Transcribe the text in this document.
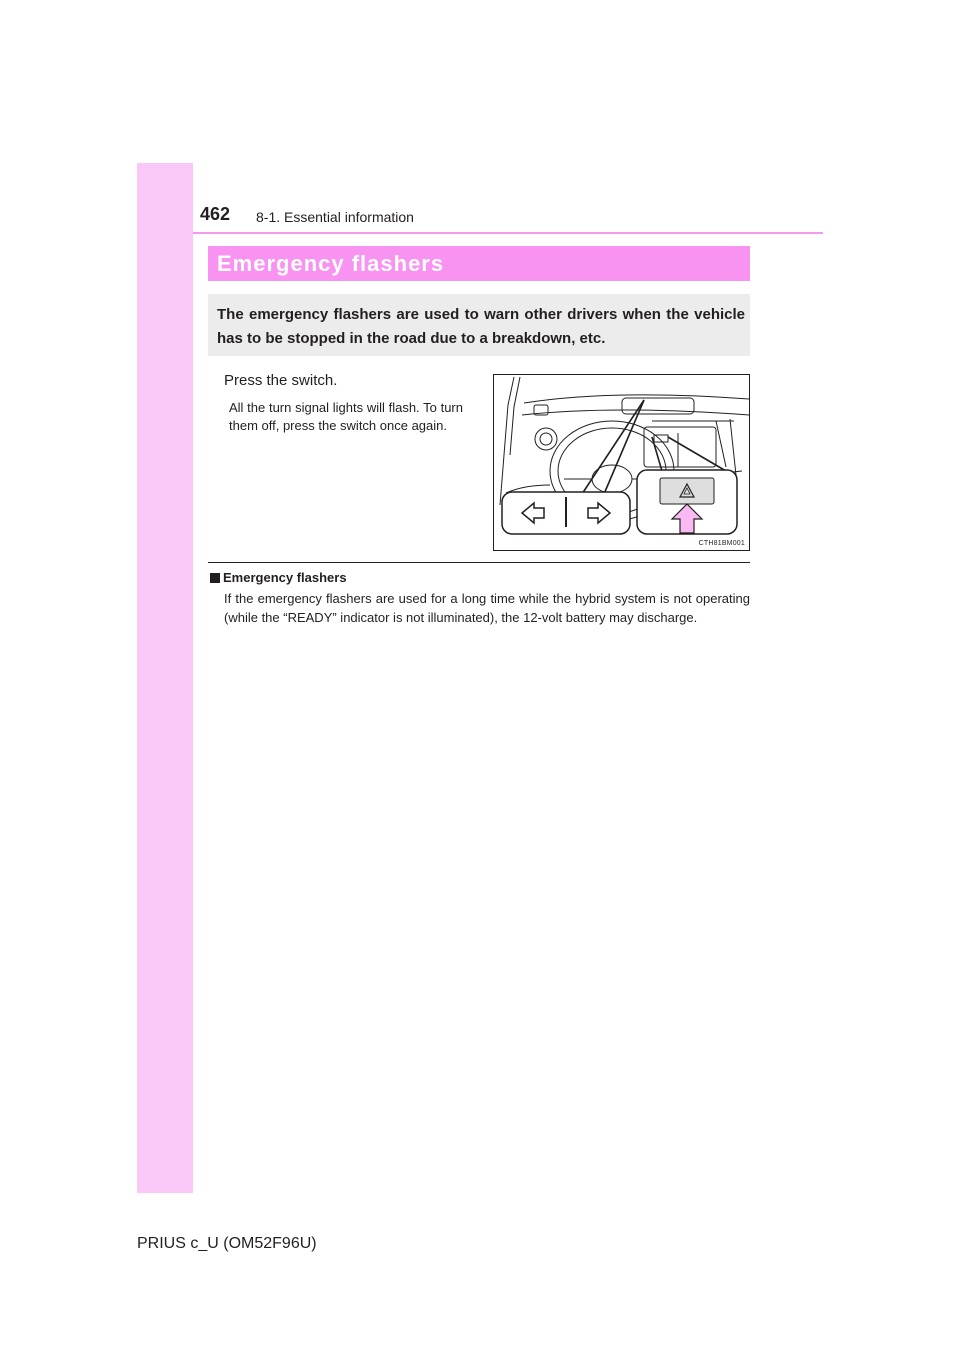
462 8-1. Essential information
Emergency flashers
The emergency flashers are used to warn other drivers when the vehicle has to be stopped in the road due to a breakdown, etc.
Press the switch.
All the turn signal lights will flash. To turn them off, press the switch once again.
CTH81BM001
Emergency flashers
If the emergency flashers are used for a long time while the hybrid system is not operating (while the “READY” indicator is not illuminated), the 12-volt battery may discharge.
PRIUS c_U (OM52F96U)
